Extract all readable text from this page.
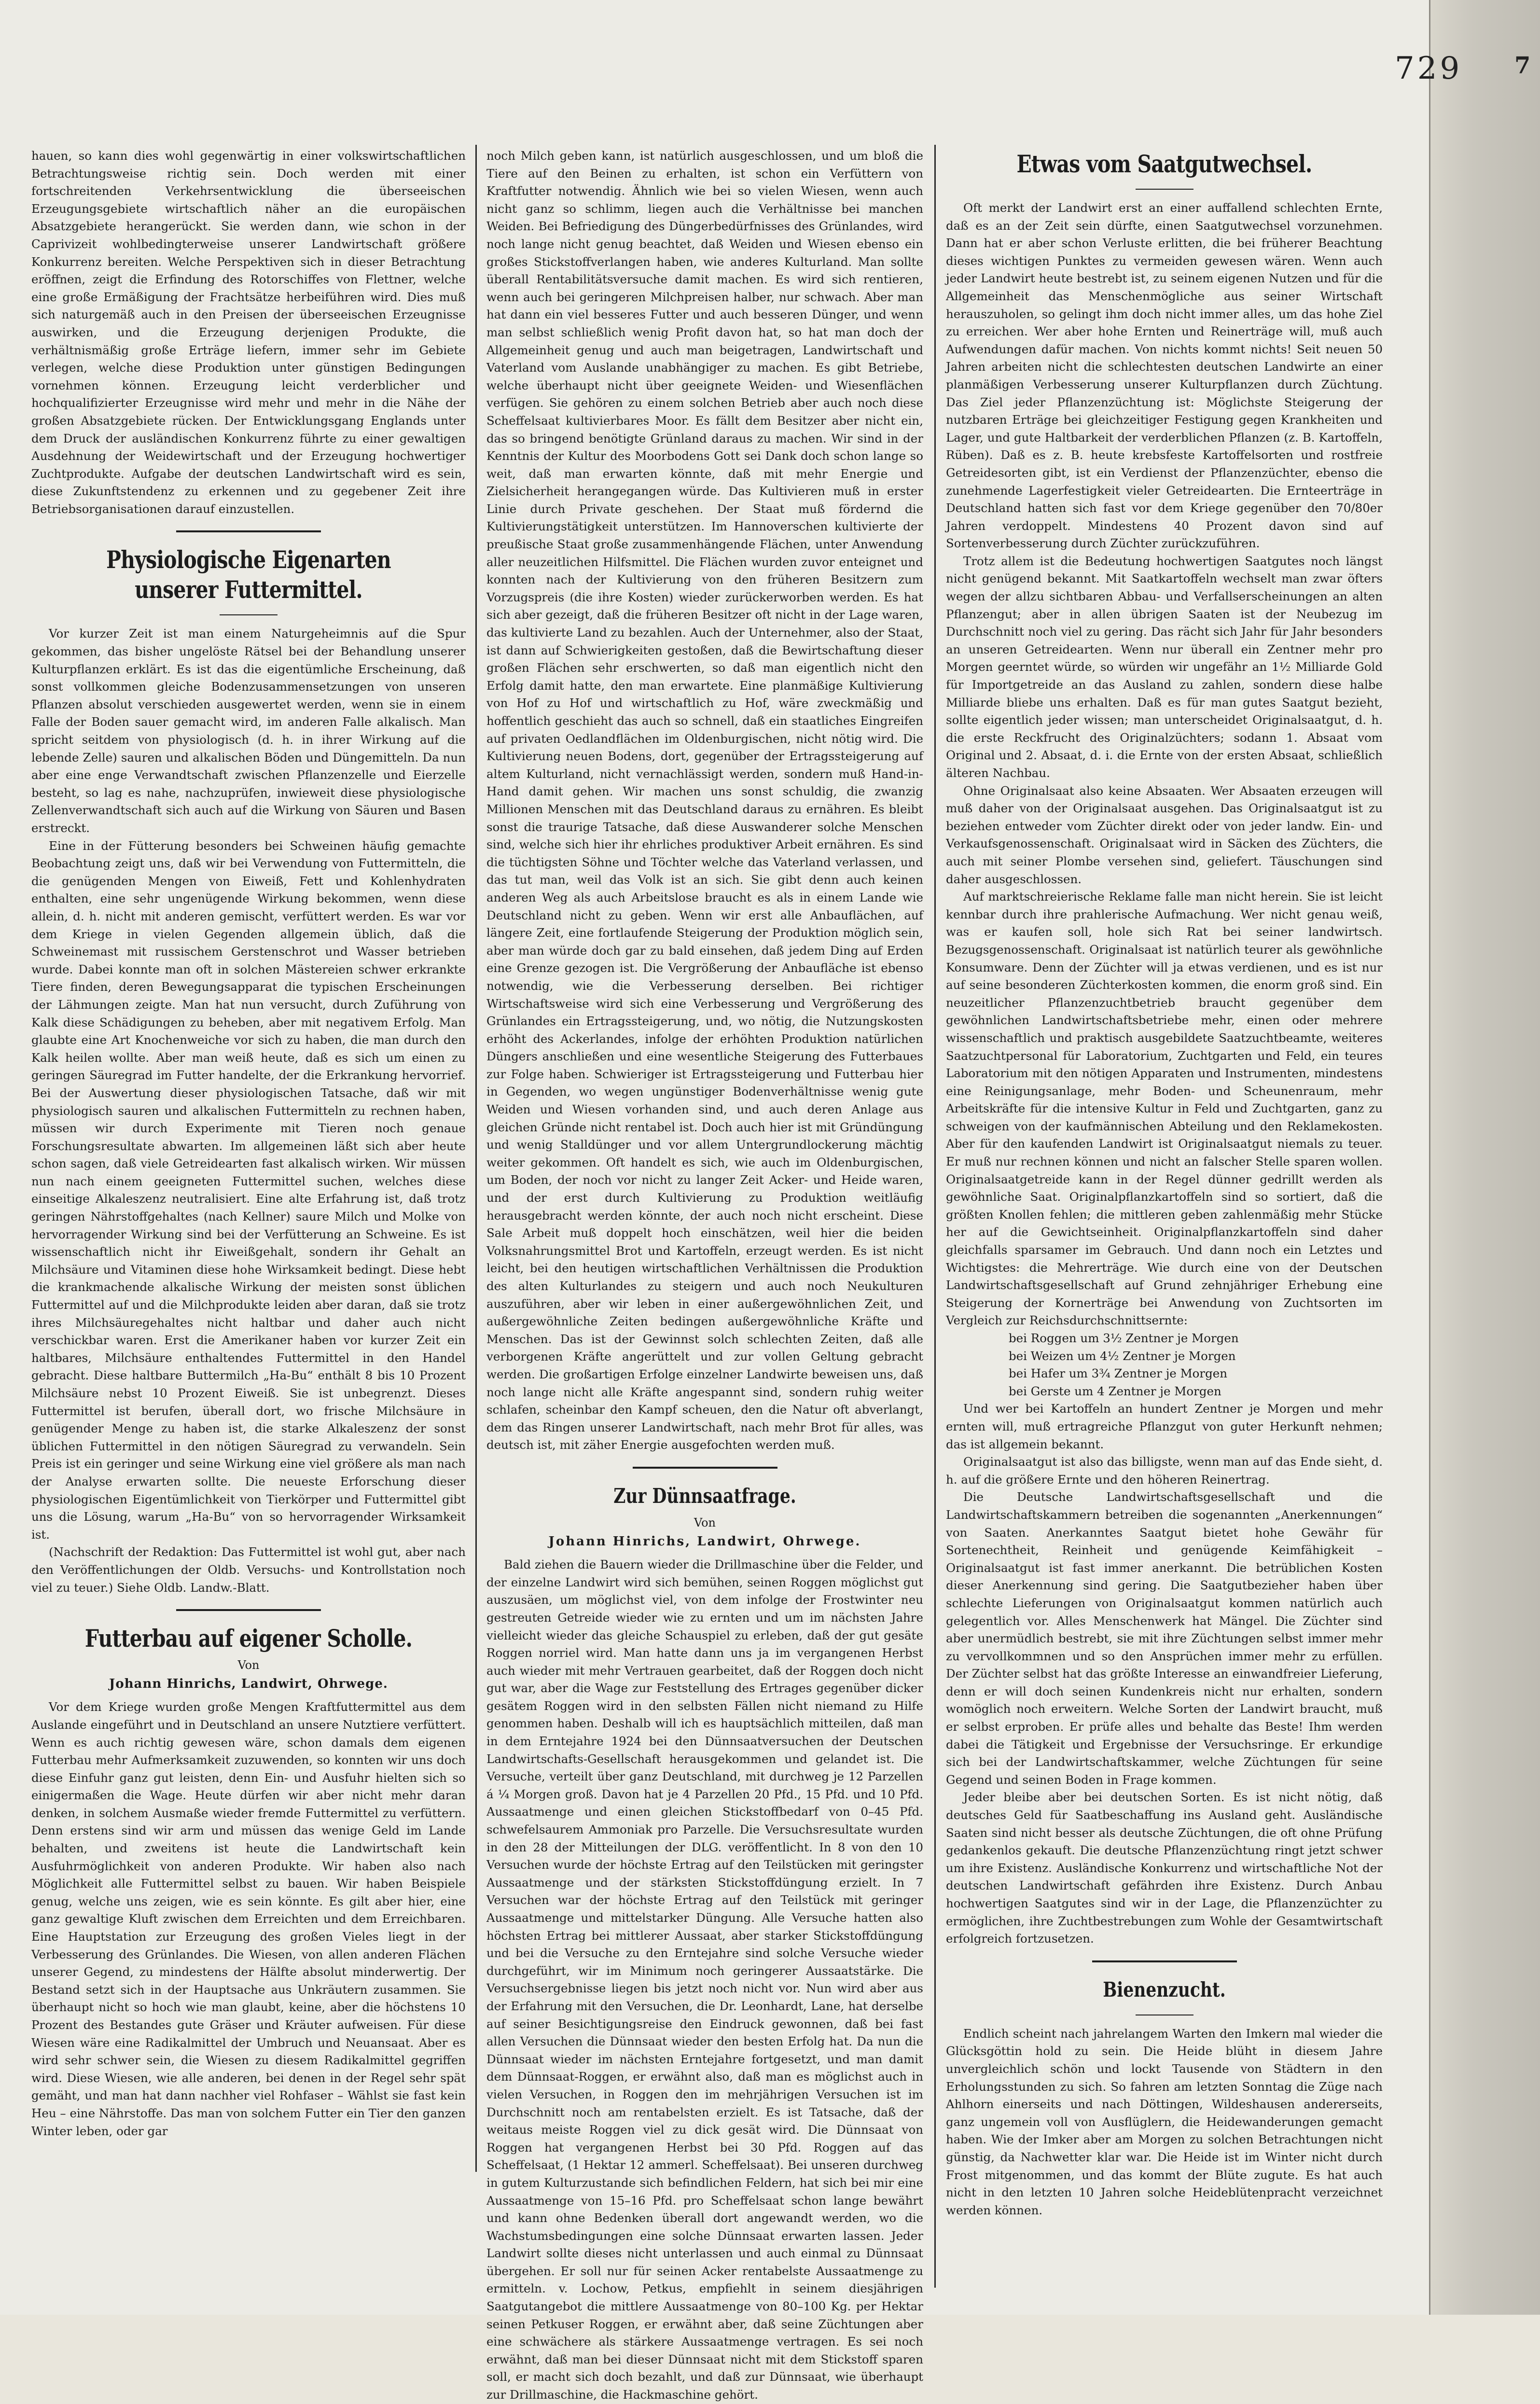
729 7

hauen, so kann dies wohl gegenwärtig in einer volkswirtschaftlichen Betrachtungsweise richtig sein. Doch werden mit einer fortschreitenden Verkehrsentwicklung die überseeischen Erzeugungsgebiete wirtschaftlich näher an die europäischen Absatzgebiete herangerückt. Sie werden dann, wie schon in der Caprivizeit wohlbedingterweise unserer Landwirtschaft größere Konkurrenz bereiten. Welche Perspektiven sich in dieser Betrachtung eröffnen, zeigt die Erfindung des Rotorschiffes von Flettner, welche eine große Ermäßigung der Frachtsätze herbeiführen wird. Dies muß sich naturgemäß auch in den Preisen der überseeischen Erzeugnisse auswirken, und die Erzeugung derjenigen Produkte, die verhältnismäßig große Erträge liefern, immer sehr im Gebiete verlegen, welche diese Produktion unter günstigen Bedingungen vornehmen können. Erzeugung leicht verderblicher und hochqualifizierter Erzeugnisse wird mehr und mehr in die Nähe der großen Absatzgebiete rücken. Der Entwicklungsgang Englands unter dem Druck der ausländischen Konkurrenz führte zu einer gewaltigen Ausdehnung der Weidewirtschaft und der Erzeugung hochwertiger Zuchtprodukte. Aufgabe der deutschen Landwirtschaft wird es sein, diese Zukunftstendenz zu erkennen und zu gegebener Zeit ihre Betriebsorganisationen darauf einzustellen.

Physiologische Eigenarten unserer Futtermittel.

Vor kurzer Zeit ist man einem Naturgeheimnis auf die Spur gekommen, das bisher ungelöste Rätsel bei der Behandlung unserer Kulturpflanzen erklärt. Es ist das die eigentümliche Erscheinung, daß sonst vollkommen gleiche Bodenzusammensetzungen von unseren Pflanzen absolut verschieden ausgewertet werden, wenn sie in einem Falle der Boden sauer gemacht wird, im anderen Falle alkalisch. Man spricht seitdem von physiologisch (d. h. in ihrer Wirkung auf die lebende Zelle) sauren und alkalischen Böden und Düngemitteln. Da nun aber eine enge Verwandtschaft zwischen Pflanzenzelle und Eierzelle besteht, so lag es nahe, nachzuprüfen, inwieweit diese physiologische Zellenverwandtschaft sich auch auf die Wirkung von Säuren und Basen erstreckt.

Eine in der Fütterung besonders bei Schweinen häufig gemachte Beobachtung zeigt uns, daß wir bei Verwendung von Futtermitteln, die die genügenden Mengen von Eiweiß, Fett und Kohlenhydraten enthalten, eine sehr ungenügende Wirkung bekommen, wenn diese allein, d. h. nicht mit anderen gemischt, verfüttert werden. Es war vor dem Kriege in vielen Gegenden allgemein üblich, daß die Schweinemast mit russischem Gerstenschrot und Wasser betrieben wurde. Dabei konnte man oft in solchen Mästereien schwer erkrankte Tiere finden, deren Bewegungsapparat die typischen Erscheinungen der Lähmungen zeigte. Man hat nun versucht, durch Zuführung von Kalk diese Schädigungen zu beheben, aber mit negativem Erfolg. Man glaubte eine Art Knochenweiche vor sich zu haben, die man durch den Kalk heilen wollte. Aber man weiß heute, daß es sich um einen zu geringen Säuregrad im Futter handelte, der die Erkrankung hervorrief. Bei der Auswertung dieser physiologischen Tatsache, daß wir mit physiologisch sauren und alkalischen Futtermitteln zu rechnen haben, müssen wir durch Experimente mit Tieren noch genaue Forschungsresultate abwarten. Im allgemeinen läßt sich aber heute schon sagen, daß viele Getreidearten fast alkalisch wirken. Wir müssen nun nach einem geeigneten Futtermittel suchen, welches diese einseitige Alkaleszenz neutralisiert. Eine alte Erfahrung ist, daß trotz geringen Nährstoffgehaltes (nach Kellner) saure Milch und Molke von hervorragender Wirkung sind bei der Verfütterung an Schweine. Es ist wissenschaftlich nicht ihr Eiweißgehalt, sondern ihr Gehalt an Milchsäure und Vitaminen diese hohe Wirksamkeit bedingt. Diese hebt die krankmachende alkalische Wirkung der meisten sonst üblichen Futtermittel auf und die Milchprodukte leiden aber daran, daß sie trotz ihres Milchsäuregehaltes nicht haltbar und daher auch nicht verschickbar waren. Erst die Amerikaner haben vor kurzer Zeit ein haltbares, Milchsäure enthaltendes Futtermittel in den Handel gebracht. Diese haltbare Buttermilch „Ha-Bu“ enthält 8 bis 10 Prozent Milchsäure nebst 10 Prozent Eiweiß. Sie ist unbegrenzt. Dieses Futtermittel ist berufen, überall dort, wo frische Milchsäure in genügender Menge zu haben ist, die starke Alkaleszenz der sonst üblichen Futtermittel in den nötigen Säuregrad zu verwandeln. Sein Preis ist ein geringer und seine Wirkung eine viel größere als man nach der Analyse erwarten sollte. Die neueste Erforschung dieser physiologischen Eigentümlichkeit von Tierkörper und Futtermittel gibt uns die Lösung, warum „Ha-Bu“ von so hervorragender Wirksamkeit ist.

(Nachschrift der Redaktion: Das Futtermittel ist wohl gut, aber nach den Veröffentlichungen der Oldb. Versuchs- und Kontrollstation noch viel zu teuer.) Siehe Oldb. Landw.-Blatt.

Futterbau auf eigener Scholle.
Von
Johann Hinrichs, Landwirt, Ohrwege.

Vor dem Kriege wurden große Mengen Kraftfuttermittel aus dem Auslande eingeführt und in Deutschland an unsere Nutztiere verfüttert. Wenn es auch richtig gewesen wäre, schon damals dem eigenen Futterbau mehr Aufmerksamkeit zuzuwenden, so konnten wir uns doch diese Einfuhr ganz gut leisten, denn Ein- und Ausfuhr hielten sich so einigermaßen die Wage. Heute dürfen wir aber nicht mehr daran denken, in solchem Ausmaße wieder fremde Futtermittel zu verfüttern. Denn erstens sind wir arm und müssen das wenige Geld im Lande behalten, und zweitens ist heute die Landwirtschaft kein Ausfuhrmöglichkeit von anderen Produkte. Wir haben also nach Möglichkeit alle Futtermittel selbst zu bauen. Wir haben Beispiele genug, welche uns zeigen, wie es sein könnte. Es gilt aber hier, eine ganz gewaltige Kluft zwischen dem Erreichten und dem Erreichbaren. Eine Hauptstation zur Erzeugung des großen Vieles liegt in der Verbesserung des Grünlandes. Die Wiesen, von allen anderen Flächen unserer Gegend, zu mindestens der Hälfte absolut minderwertig. Der Bestand setzt sich in der Hauptsache aus Unkräutern zusammen. Sie überhaupt nicht so hoch wie man glaubt, keine, aber die höchstens 10 Prozent des Bestandes gute Gräser und Kräuter aufweisen. Für diese Wiesen wäre eine Radikalmittel der Umbruch und Neuansaat. Aber es wird sehr schwer sein, die Wiesen zu diesem Radikalmittel gegriffen wird. Diese Wiesen, wie alle anderen, bei denen in der Regel sehr spät gemäht, und man hat dann nachher viel Rohfaser – Wählst sie fast kein Heu – eine Nährstoffe. Das man von solchem Futter ein Tier den ganzen Winter leben, oder gar

noch Milch geben kann, ist natürlich ausgeschlossen, und um bloß die Tiere auf den Beinen zu erhalten, ist schon ein Verfüttern von Kraftfutter notwendig. Ähnlich wie bei so vielen Wiesen, wenn auch nicht ganz so schlimm, liegen auch die Verhältnisse bei manchen Weiden. Bei Befriedigung des Düngerbedürfnisses des Grünlandes, wird noch lange nicht genug beachtet, daß Weiden und Wiesen ebenso ein großes Stickstoffverlangen haben, wie anderes Kulturland. Man sollte überall Rentabilitätsversuche damit machen. Es wird sich rentieren, wenn auch bei geringeren Milchpreisen halber, nur schwach. Aber man hat dann ein viel besseres Futter und auch besseren Dünger, und wenn man selbst schließlich wenig Profit davon hat, so hat man doch der Allgemeinheit genug und auch man beigetragen, Landwirtschaft und Vaterland vom Auslande unabhängiger zu machen. Es gibt Betriebe, welche überhaupt nicht über geeignete Weiden- und Wiesenflächen verfügen. Sie gehören zu einem solchen Betrieb aber auch noch diese Scheffelsaat kultivierbares Moor. Es fällt dem Besitzer aber nicht ein, das so bringend benötigte Grünland daraus zu machen. Wir sind in der Kenntnis der Kultur des Moorbodens Gott sei Dank doch schon lange so weit, daß man erwarten könnte, daß mit mehr Energie und Zielsicherheit herangegangen würde. Das Kultivieren muß in erster Linie durch Private geschehen. Der Staat muß fördernd die Kultivierungstätigkeit unterstützen. Im Hannoverschen kultivierte der preußische Staat große zusammenhängende Flächen, unter Anwendung aller neuzeitlichen Hilfsmittel. Die Flächen wurden zuvor enteignet und konnten nach der Kultivierung von den früheren Besitzern zum Vorzugspreis (die ihre Kosten) wieder zurückerworben werden. Es hat sich aber gezeigt, daß die früheren Besitzer oft nicht in der Lage waren, das kultivierte Land zu bezahlen. Auch der Unternehmer, also der Staat, ist dann auf Schwierigkeiten gestoßen, daß die Bewirtschaftung dieser großen Flächen sehr erschwerten, so daß man eigentlich nicht den Erfolg damit hatte, den man erwartete. Eine planmäßige Kultivierung von Hof zu Hof und wirtschaftlich zu Hof, wäre zweckmäßig und hoffentlich geschieht das auch so schnell, daß ein staatliches Eingreifen auf privaten Oedlandflächen im Oldenburgischen, nicht nötig wird. Die Kultivierung neuen Bodens, dort, gegenüber der Ertragssteigerung auf altem Kulturland, nicht vernachlässigt werden, sondern muß Hand-in-Hand damit gehen. Wir machen uns sonst schuldig, die zwanzig Millionen Menschen mit das Deutschland daraus zu ernähren. Es bleibt sonst die traurige Tatsache, daß diese Auswanderer solche Menschen sind, welche sich hier ihr ehrliches produktiver Arbeit ernähren. Es sind die tüchtigsten Söhne und Töchter welche das Vaterland verlassen, und das tut man, weil das Volk ist an sich. Sie gibt denn auch keinen anderen Weg als auch Arbeitslose braucht es als in einem Lande wie Deutschland nicht zu geben. Wenn wir erst alle Anbauflächen, auf längere Zeit, eine fortlaufende Steigerung der Produktion möglich sein, aber man würde doch gar zu bald einsehen, daß jedem Ding auf Erden eine Grenze gezogen ist. Die Vergrößerung der Anbaufläche ist ebenso notwendig, wie die Verbesserung derselben. Bei richtiger Wirtschaftsweise wird sich eine Verbesserung und Vergrößerung des Grünlandes ein Ertragssteigerung, und, wo nötig, die Nutzungskosten erhöht des Ackerlandes, infolge der erhöhten Produktion natürlichen Düngers anschließen und eine wesentliche Steigerung des Futterbaues zur Folge haben. Schwieriger ist Ertragssteigerung und Futterbau hier in Gegenden, wo wegen ungünstiger Bodenverhältnisse wenig gute Weiden und Wiesen vorhanden sind, und auch deren Anlage aus gleichen Gründe nicht rentabel ist. Doch auch hier ist mit Gründüngung und wenig Stalldünger und vor allem Untergrundlockerung mächtig weiter gekommen. Oft handelt es sich, wie auch im Oldenburgischen, um Boden, der noch vor nicht zu langer Zeit Acker- und Heide waren, und der erst durch Kultivierung zu Produktion weitläufig herausgebracht werden könnte, der auch noch nicht erscheint. Diese Sale Arbeit muß doppelt hoch einschätzen, weil hier die beiden Volksnahrungsmittel Brot und Kartoffeln, erzeugt werden. Es ist nicht leicht, bei den heutigen wirtschaftlichen Verhältnissen die Produktion des alten Kulturlandes zu steigern und auch noch Neukulturen auszuführen, aber wir leben in einer außergewöhnlichen Zeit, und außergewöhnliche Zeiten bedingen außergewöhnliche Kräfte und Menschen. Das ist der Gewinnst solch schlechten Zeiten, daß alle verborgenen Kräfte angerüttelt und zur vollen Geltung gebracht werden. Die großartigen Erfolge einzelner Landwirte beweisen uns, daß noch lange nicht alle Kräfte angespannt sind, sondern ruhig weiter schlafen, scheinbar den Kampf scheuen, den die Natur oft abverlangt, dem das Ringen unserer Landwirtschaft, nach mehr Brot für alles, was deutsch ist, mit zäher Energie ausgefochten werden muß.

Zur Dünnsaatfrage.
Von
Johann Hinrichs, Landwirt, Ohrwege.

Bald ziehen die Bauern wieder die Drillmaschine über die Felder, und der einzelne Landwirt wird sich bemühen, seinen Roggen möglichst gut auszusäen, um möglichst viel, von dem infolge der Frostwinter neu gestreuten Getreide wieder wie zu ernten und um im nächsten Jahre vielleicht wieder das gleiche Schauspiel zu erleben, daß der gut gesäte Roggen norriel wird. Man hatte dann uns ja im vergangenen Herbst auch wieder mit mehr Vertrauen gearbeitet, daß der Roggen doch nicht gut war, aber die Wage zur Feststellung des Ertrages gegenüber dicker gesätem Roggen wird in den selbsten Fällen nicht niemand zu Hilfe genommen haben. Deshalb will ich es hauptsächlich mitteilen, daß man in dem Erntejahre 1924 bei den Dünnsaatversuchen der Deutschen Landwirtschafts-Gesellschaft herausgekommen und gelandet ist. Die Versuche, verteilt über ganz Deutschland, mit durchweg je 12 Parzellen á ¼ Morgen groß. Davon hat je 4 Parzellen 20 Pfd., 15 Pfd. und 10 Pfd. Aussaatmenge und einen gleichen Stickstoffbedarf von 0–45 Pfd. schwefelsaurem Ammoniak pro Parzelle. Die Versuchsresultate wurden in den 28 der Mitteilungen der DLG. veröffentlicht. In 8 von den 10 Versuchen wurde der höchste Ertrag auf den Teilstücken mit geringster Aussaatmenge und der stärksten Stickstoffdüngung erzielt. In 7 Versuchen war der höchste Ertrag auf den Teilstück mit geringer Aussaatmenge und mittelstarker Düngung. Alle Versuche hatten also höchsten Ertrag bei mittlerer Aussaat, aber starker Stickstoffdüngung und bei die Versuche zu den Erntejahre sind solche Versuche wieder durchgeführt, wir im Minimum noch geringerer Aussaatstärke. Die Versuchsergebnisse liegen bis jetzt noch nicht vor. Nun wird aber aus der Erfahrung mit den Versuchen, die Dr. Leonhardt, Lane, hat derselbe auf seiner Besichtigungsreise den Eindruck gewonnen, daß bei fast allen Versuchen die Dünnsaat wieder den besten Erfolg hat. Da nun die Dünnsaat wieder im nächsten Erntejahre fortgesetzt, und man damit dem Dünnsaat-Roggen, er erwähnt also, daß man es möglichst auch in vielen Versuchen, in Roggen den im mehrjährigen Versuchen ist im Durchschnitt noch am rentabelsten erzielt. Es ist Tatsache, daß der weitaus meiste Roggen viel zu dick gesät wird. Die Dünnsaat von Roggen hat vergangenen Herbst bei 30 Pfd. Roggen auf das Scheffelsaat, (1 Hektar 12 ammerl. Scheffelsaat). Bei unseren durchweg in gutem Kulturzustande sich befindlichen Feldern, hat sich bei mir eine Aussaatmenge von 15–16 Pfd. pro Scheffelsaat schon lange bewährt und kann ohne Bedenken überall dort angewandt werden, wo die Wachstumsbedingungen eine solche Dünnsaat erwarten lassen. Jeder Landwirt sollte dieses nicht unterlassen und auch einmal zu Dünnsaat übergehen. Er soll nur für seinen Acker rentabelste Aussaatmenge zu ermitteln. v. Lochow, Petkus, empfiehlt in seinem diesjährigen Saatgutangebot die mittlere Aussaatmenge von 80–100 Kg. per Hektar seinen Petkuser Roggen, er erwähnt aber, daß seine Züchtungen aber eine schwächere als stärkere Aussaatmenge vertragen. Es sei noch erwähnt, daß man bei dieser Dünnsaat nicht mit dem Stickstoff sparen soll, er macht sich doch bezahlt, und daß zur Dünnsaat, wie überhaupt zur Drillmaschine, die Hackmaschine gehört.

Etwas vom Saatgutwechsel.

Oft merkt der Landwirt erst an einer auffallend schlechten Ernte, daß es an der Zeit sein dürfte, einen Saatgutwechsel vorzunehmen. Dann hat er aber schon Verluste erlitten, die bei früherer Beachtung dieses wichtigen Punktes zu vermeiden gewesen wären. Wenn auch jeder Landwirt heute bestrebt ist, zu seinem eigenen Nutzen und für die Allgemeinheit das Menschenmögliche aus seiner Wirtschaft herauszuholen, so gelingt ihm doch nicht immer alles, um das hohe Ziel zu erreichen. Wer aber hohe Ernten und Reinerträge will, muß auch Aufwendungen dafür machen. Von nichts kommt nichts! Seit neuen 50 Jahren arbeiten nicht die schlechtesten deutschen Landwirte an einer planmäßigen Verbesserung unserer Kulturpflanzen durch Züchtung. Das Ziel jeder Pflanzenzüchtung ist: Möglichste Steigerung der nutzbaren Erträge bei gleichzeitiger Festigung gegen Krankheiten und Lager, und gute Haltbarkeit der verderblichen Pflanzen (z. B. Kartoffeln, Rüben). Daß es z. B. heute krebsfeste Kartoffelsorten und rostfreie Getreidesorten gibt, ist ein Verdienst der Pflanzenzüchter, ebenso die zunehmende Lagerfestigkeit vieler Getreidearten. Die Ernteerträge in Deutschland hatten sich fast vor dem Kriege gegenüber den 70/80er Jahren verdoppelt. Mindestens 40 Prozent davon sind auf Sortenverbesserung durch Züchter zurückzuführen.

Trotz allem ist die Bedeutung hochwertigen Saatgutes noch längst nicht genügend bekannt. Mit Saatkartoffeln wechselt man zwar öfters wegen der allzu sichtbaren Abbau- und Verfallserscheinungen an alten Pflanzengut; aber in allen übrigen Saaten ist der Neubezug im Durchschnitt noch viel zu gering. Das rächt sich Jahr für Jahr besonders an unseren Getreidearten. Wenn nur überall ein Zentner mehr pro Morgen geerntet würde, so würden wir ungefähr an 1½ Milliarde Gold für Importgetreide an das Ausland zu zahlen, sondern diese halbe Milliarde bliebe uns erhalten. Daß es für man gutes Saatgut bezieht, sollte eigentlich jeder wissen; man unterscheidet Originalsaatgut, d. h. die erste Reckfrucht des Originalzüchters; sodann 1. Absaat vom Original und 2. Absaat, d. i. die Ernte von der ersten Absaat, schließlich älteren Nachbau.

Ohne Originalsaat also keine Absaaten. Wer Absaaten erzeugen will muß daher von der Originalsaat ausgehen. Das Originalsaatgut ist zu beziehen entweder vom Züchter direkt oder von jeder landw. Ein- und Verkaufsgenossenschaft. Originalsaat wird in Säcken des Züchters, die auch mit seiner Plombe versehen sind, geliefert. Täuschungen sind daher ausgeschlossen.

Auf marktschreierische Reklame falle man nicht herein. Sie ist leicht kennbar durch ihre prahlerische Aufmachung. Wer nicht genau weiß, was er kaufen soll, hole sich Rat bei seiner landwirtsch. Bezugsgenossenschaft. Originalsaat ist natürlich teurer als gewöhnliche Konsumware. Denn der Züchter will ja etwas verdienen, und es ist nur auf seine besonderen Züchterkosten kommen, die enorm groß sind. Ein neuzeitlicher Pflanzenzuchtbetrieb braucht gegenüber dem gewöhnlichen Landwirtschaftsbetriebe mehr, einen oder mehrere wissenschaftlich und praktisch ausgebildete Saatzuchtbeamte, weiteres Saatzuchtpersonal für Laboratorium, Zuchtgarten und Feld, ein teures Laboratorium mit den nötigen Apparaten und Instrumenten, mindestens eine Reinigungsanlage, mehr Boden- und Scheunenraum, mehr Arbeitskräfte für die intensive Kultur in Feld und Zuchtgarten, ganz zu schweigen von der kaufmännischen Abteilung und den Reklamekosten. Aber für den kaufenden Landwirt ist Originalsaatgut niemals zu teuer. Er muß nur rechnen können und nicht an falscher Stelle sparen wollen. Originalsaatgetreide kann in der Regel dünner gedrillt werden als gewöhnliche Saat. Originalpflanzkartoffeln sind so sortiert, daß die größten Knollen fehlen; die mittleren geben zahlenmäßig mehr Stücke her auf die Gewichtseinheit. Originalpflanzkartoffeln sind daher gleichfalls sparsamer im Gebrauch. Und dann noch ein Letztes und Wichtigstes: die Mehrerträge. Wie durch eine von der Deutschen Landwirtschaftsgesellschaft auf Grund zehnjähriger Erhebung eine Steigerung der Kornerträge bei Anwendung von Zuchtsorten im Vergleich zur Reichsdurchschnittsernte:

bei Roggen um 3½ Zentner je Morgen

bei Weizen um 4½ Zentner je Morgen

bei Hafer um 3¾ Zentner je Morgen

bei Gerste um 4 Zentner je Morgen

Und wer bei Kartoffeln an hundert Zentner je Morgen und mehr ernten will, muß ertragreiche Pflanzgut von guter Herkunft nehmen; das ist allgemein bekannt.

Originalsaatgut ist also das billigste, wenn man auf das Ende sieht, d. h. auf die größere Ernte und den höheren Reinertrag.

Die Deutsche Landwirtschaftsgesellschaft und die Landwirtschaftskammern betreiben die sogenannten „Anerkennungen“ von Saaten. Anerkanntes Saatgut bietet hohe Gewähr für Sortenechtheit, Reinheit und genügende Keimfähigkeit – Originalsaatgut ist fast immer anerkannt. Die betrüblichen Kosten dieser Anerkennung sind gering. Die Saatgutbezieher haben über schlechte Lieferungen von Originalsaatgut kommen natürlich auch gelegentlich vor. Alles Menschenwerk hat Mängel. Die Züchter sind aber unermüdlich bestrebt, sie mit ihre Züchtungen selbst immer mehr zu vervollkommnen und so den Ansprüchen immer mehr zu erfüllen. Der Züchter selbst hat das größte Interesse an einwandfreier Lieferung, denn er will doch seinen Kundenkreis nicht nur erhalten, sondern womöglich noch erweitern. Welche Sorten der Landwirt braucht, muß er selbst erproben. Er prüfe alles und behalte das Beste! Ihm werden dabei die Tätigkeit und Ergebnisse der Versuchsringe. Er erkundige sich bei der Landwirtschaftskammer, welche Züchtungen für seine Gegend und seinen Boden in Frage kommen.

Jeder bleibe aber bei deutschen Sorten. Es ist nicht nötig, daß deutsches Geld für Saatbeschaffung ins Ausland geht. Ausländische Saaten sind nicht besser als deutsche Züchtungen, die oft ohne Prüfung gedankenlos gekauft. Die deutsche Pflanzenzüchtung ringt jetzt schwer um ihre Existenz. Ausländische Konkurrenz und wirtschaftliche Not der deutschen Landwirtschaft gefährden ihre Existenz. Durch Anbau hochwertigen Saatgutes sind wir in der Lage, die Pflanzenzüchter zu ermöglichen, ihre Zuchtbestrebungen zum Wohle der Gesamtwirtschaft erfolgreich fortzusetzen.

Bienenzucht.

Endlich scheint nach jahrelangem Warten den Imkern mal wieder die Glücksgöttin hold zu sein. Die Heide blüht in diesem Jahre unvergleichlich schön und lockt Tausende von Städtern in den Erholungsstunden zu sich. So fahren am letzten Sonntag die Züge nach Ahlhorn einerseits und nach Döttingen, Wildeshausen andererseits, ganz ungemein voll von Ausflüglern, die Heidewanderungen gemacht haben. Wie der Imker aber am Morgen zu solchen Betrachtungen nicht günstig, da Nachwetter klar war. Die Heide ist im Winter nicht durch Frost mitgenommen, und das kommt der Blüte zugute. Es hat auch nicht in den letzten 10 Jahren solche Heideblütenpracht verzeichnet werden können.
